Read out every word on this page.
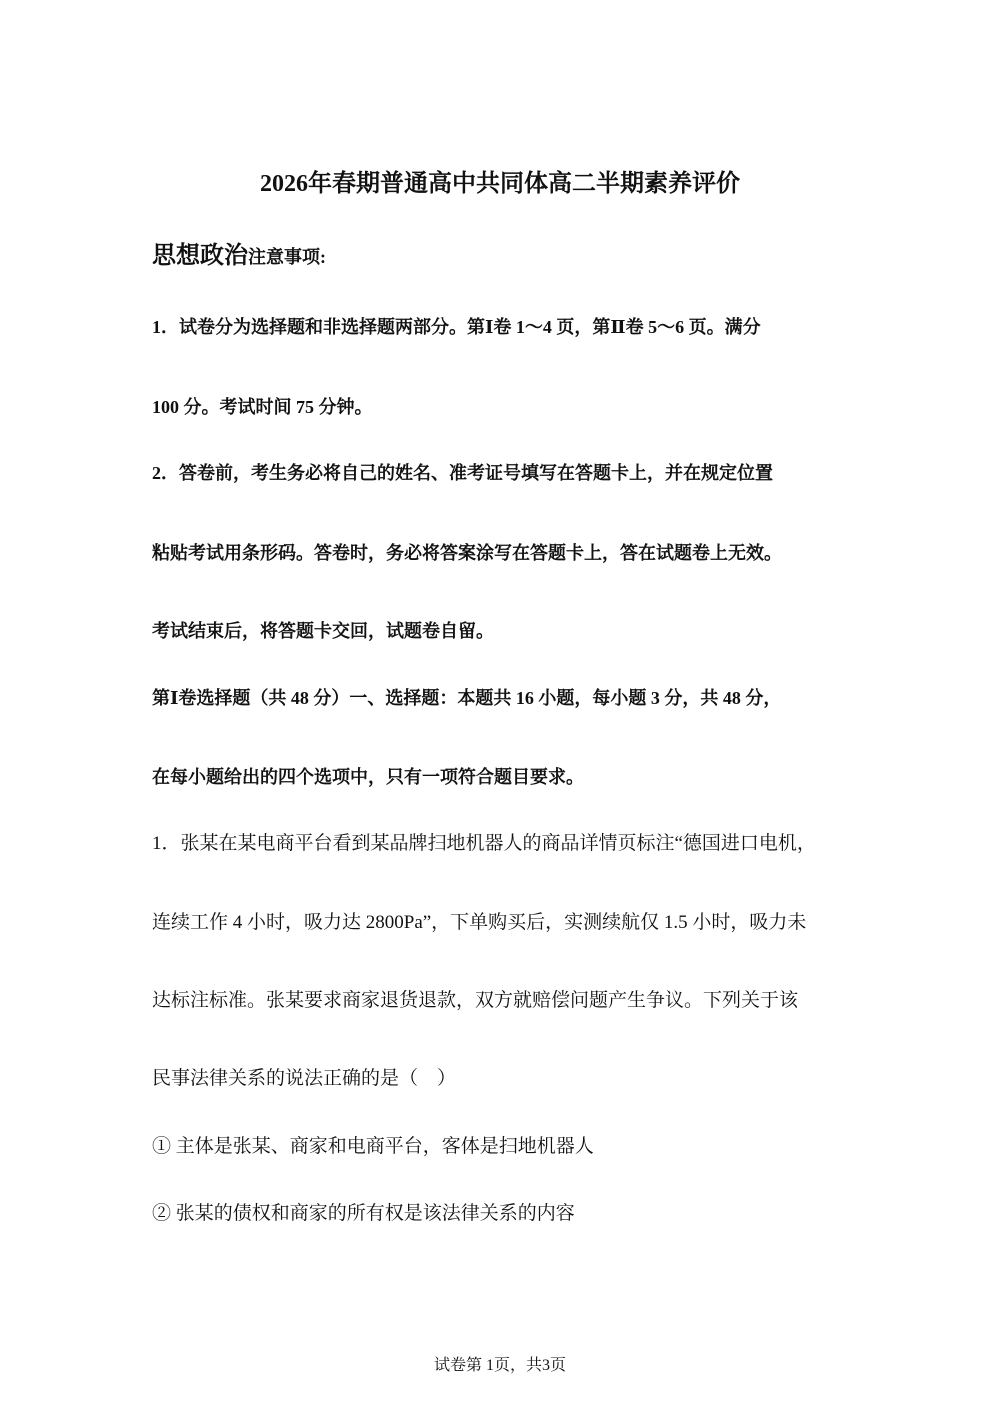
2026年春期普通高中共同体高二半期素养评价
思想政治注意事项:
1．试卷分为选择题和非选择题两部分。第Ⅰ卷 1～4 页，第Ⅱ卷 5～6 页。满分
100 分。考试时间 75 分钟。
2．答卷前，考生务必将自己的姓名、准考证号填写在答题卡上，并在规定位置
粘贴考试用条形码。答卷时，务必将答案涂写在答题卡上，答在试题卷上无效。
考试结束后，将答题卡交回，试题卷自留。
第Ⅰ卷选择题（共 48 分）一、选择题：本题共 16 小题，每小题 3 分，共 48 分，
在每小题给出的四个选项中，只有一项符合题目要求。
1．张某在某电商平台看到某品牌扫地机器人的商品详情页标注“德国进口电机，
连续工作 4 小时，吸力达 2800Pa”，下单购买后，实测续航仅 1.5 小时，吸力未
达标注标准。张某要求商家退货退款，双方就赔偿问题产生争议。下列关于该
民事法律关系的说法正确的是（　）
① 主体是张某、商家和电商平台，客体是扫地机器人
② 张某的债权和商家的所有权是该法律关系的内容
试卷第 1页，共3页
